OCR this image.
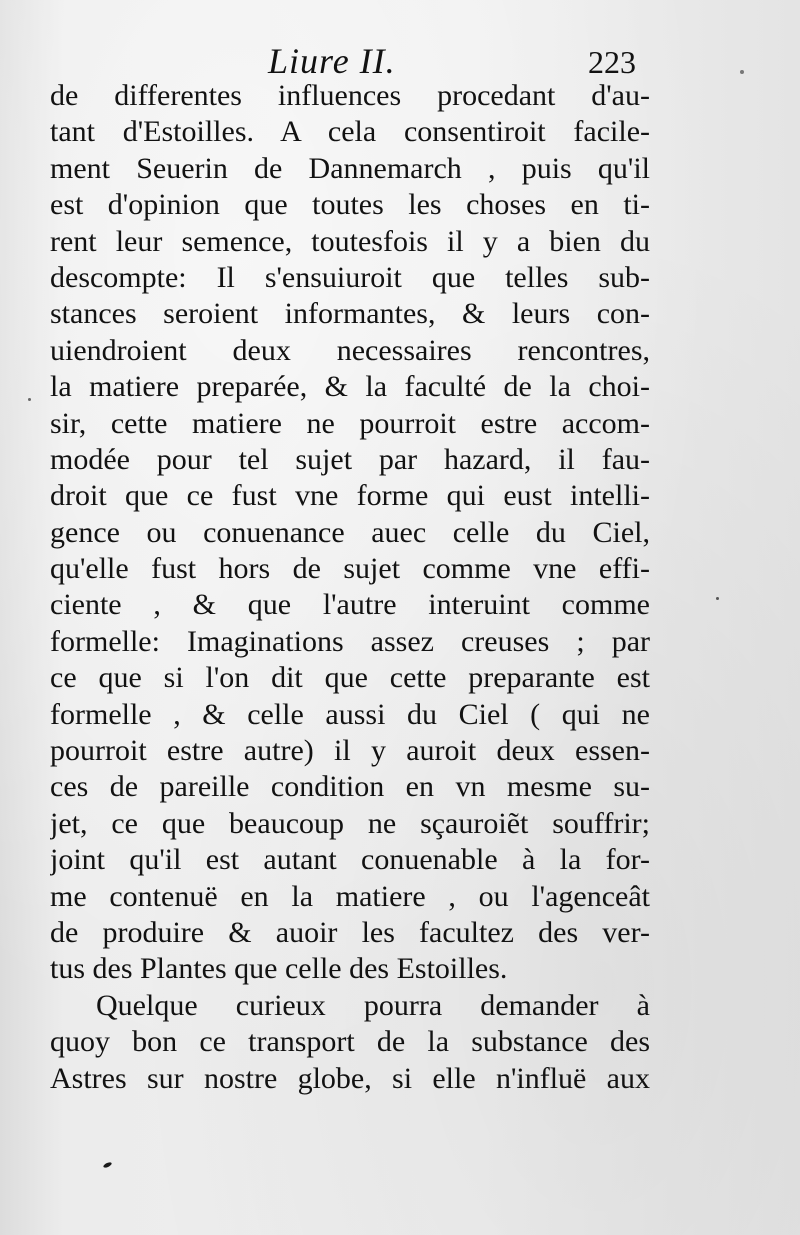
Liure II.	223
de differentes influences procedant d'au-
tant d'Estoilles. A cela consentiroit facile-
ment Seuerin de Dannemarch , puis qu'il
est d'opinion que toutes les choses en ti-
rent leur semence, toutesfois il y a bien du
descompte: Il s'ensuiuroit que telles sub-
stances seroient informantes, & leurs con-
uiendroient deux necessaires rencontres,
la matiere preparée, & la faculté de la choi-
sir, cette matiere ne pourroit estre accom-
modée pour tel sujet par hazard, il fau-
droit que ce fust vne forme qui eust intelli-
gence ou conuenance auec celle du Ciel,
qu'elle fust hors de sujet comme vne effi-
ciente , & que l'autre interuint comme
formelle: Imaginations assez creuses ; par
ce que si l'on dit que cette preparante est
formelle , & celle aussi du Ciel ( qui ne
pourroit estre autre) il y auroit deux essen-
ces de pareille condition en vn mesme su-
jet, ce que beaucoup ne sçauroiẽt souffrir;
joint qu'il est autant conuenable à la for-
me contenuë en la matiere , ou l'agenceât
de produire & auoir les facultez des ver-
tus des Plantes que celle des Estoilles.
Quelque curieux pourra demander à
quoy bon ce transport de la substance des
Astres sur nostre globe, si elle n'influë aux
